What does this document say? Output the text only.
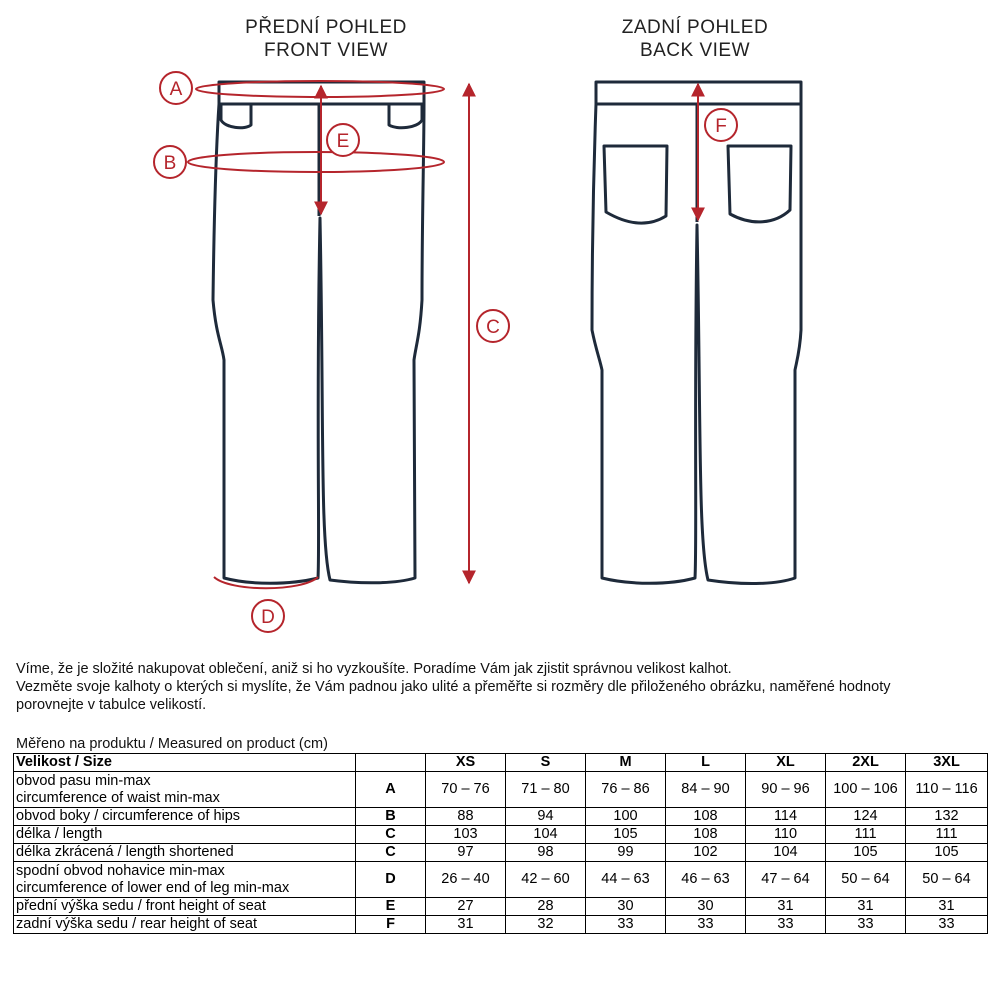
PŘEDNÍ POHLED
FRONT VIEW
ZADNÍ POHLED
BACK VIEW
A
B
E
C
D
F

Víme, že je složité nakupovat oblečení, aniž si ho vyzkoušíte. Poradíme Vám jak zjistit správnou velikost kalhot.

Vezměte svoje kalhoty o kterých si myslíte, že Vám padnou jako ulité a přeměřte si rozměry dle přiloženého obrázku, naměřené hodnoty

porovnejte v tabulce velikostí.

Měřeno na produktu / Measured on product (cm)
Velikost / Size		XS	S	M	L	XL	2XL	3XL

obvod pasu min-max
circumference of waist min-max	A	70 – 76	71 – 80	76 – 86	84 – 90	90 – 96	100 – 106	110 – 116

obvod boky / circumference of hips	B	88	94	100	108	114	124	132

délka / length	C	103	104	105	108	110	111	111

délka zkrácená / length shortened	C	97	98	99	102	104	105	105

spodní obvod nohavice min-max
circumference of lower end of leg min-max	D	26 – 40	42 – 60	44 – 63	46 – 63	47 – 64	50 – 64	50 – 64

přední výška sedu / front height of seat	E	27	28	30	30	31	31	31

zadní výška sedu / rear height of seat	F	31	32	33	33	33	33	33
